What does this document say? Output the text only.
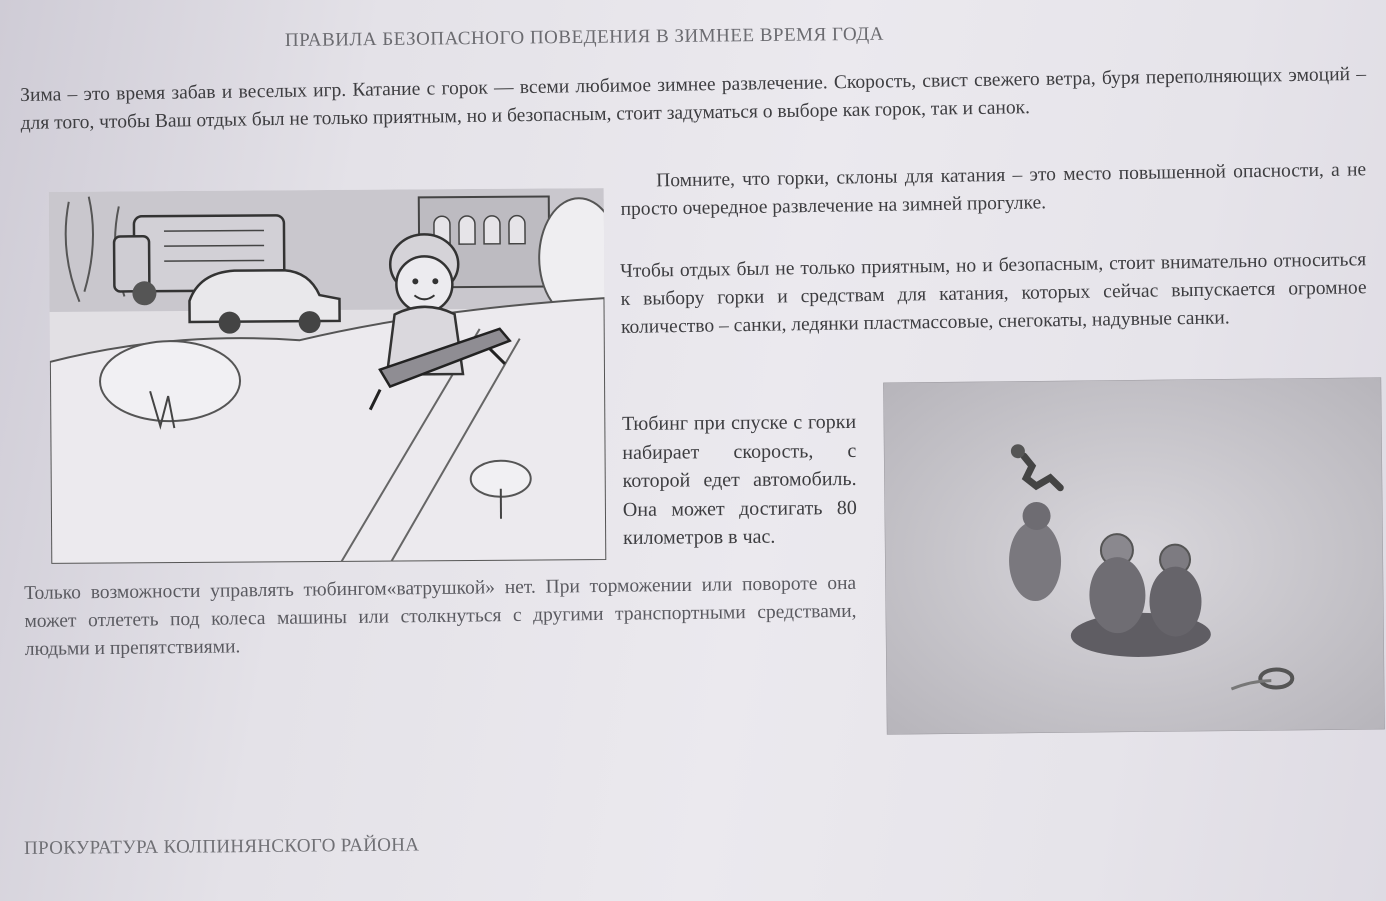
ПРАВИЛА БЕЗОПАСНОГО ПОВЕДЕНИЯ В ЗИМНЕЕ ВРЕМЯ ГОДА
Зима – это время забав и веселых игр. Катание с горок — всеми любимое зимнее развлечение. Скорость, свист свежего ветра, буря переполняющих эмоций – для того, чтобы Ваш отдых был не только приятным, но и безопасным, стоит задуматься о выборе как горок, так и санок.
Помните, что горки, склоны для катания – это место повышенной опасности, а не просто очередное развлечение на зимней прогулке.
Чтобы отдых был не только приятным, но и безопасным, стоит внимательно относиться к выбору горки и средствам для катания, которых сейчас выпускается огромное количество – санки, ледянки пластмассовые, снегокаты, надувные санки.
Тюбинг при спуске с горки набирает скорость, с которой едет автомобиль. Она может достигать 80 километров в час.
Только возможности управлять тюбингом«ватрушкой» нет. При торможении или повороте она может отлететь под колеса машины или столкнуться с другими транспортными средствами, людьми и препятствиями.
ПРОКУРАТУРА КОЛПИНЯНСКОГО РАЙОНА
